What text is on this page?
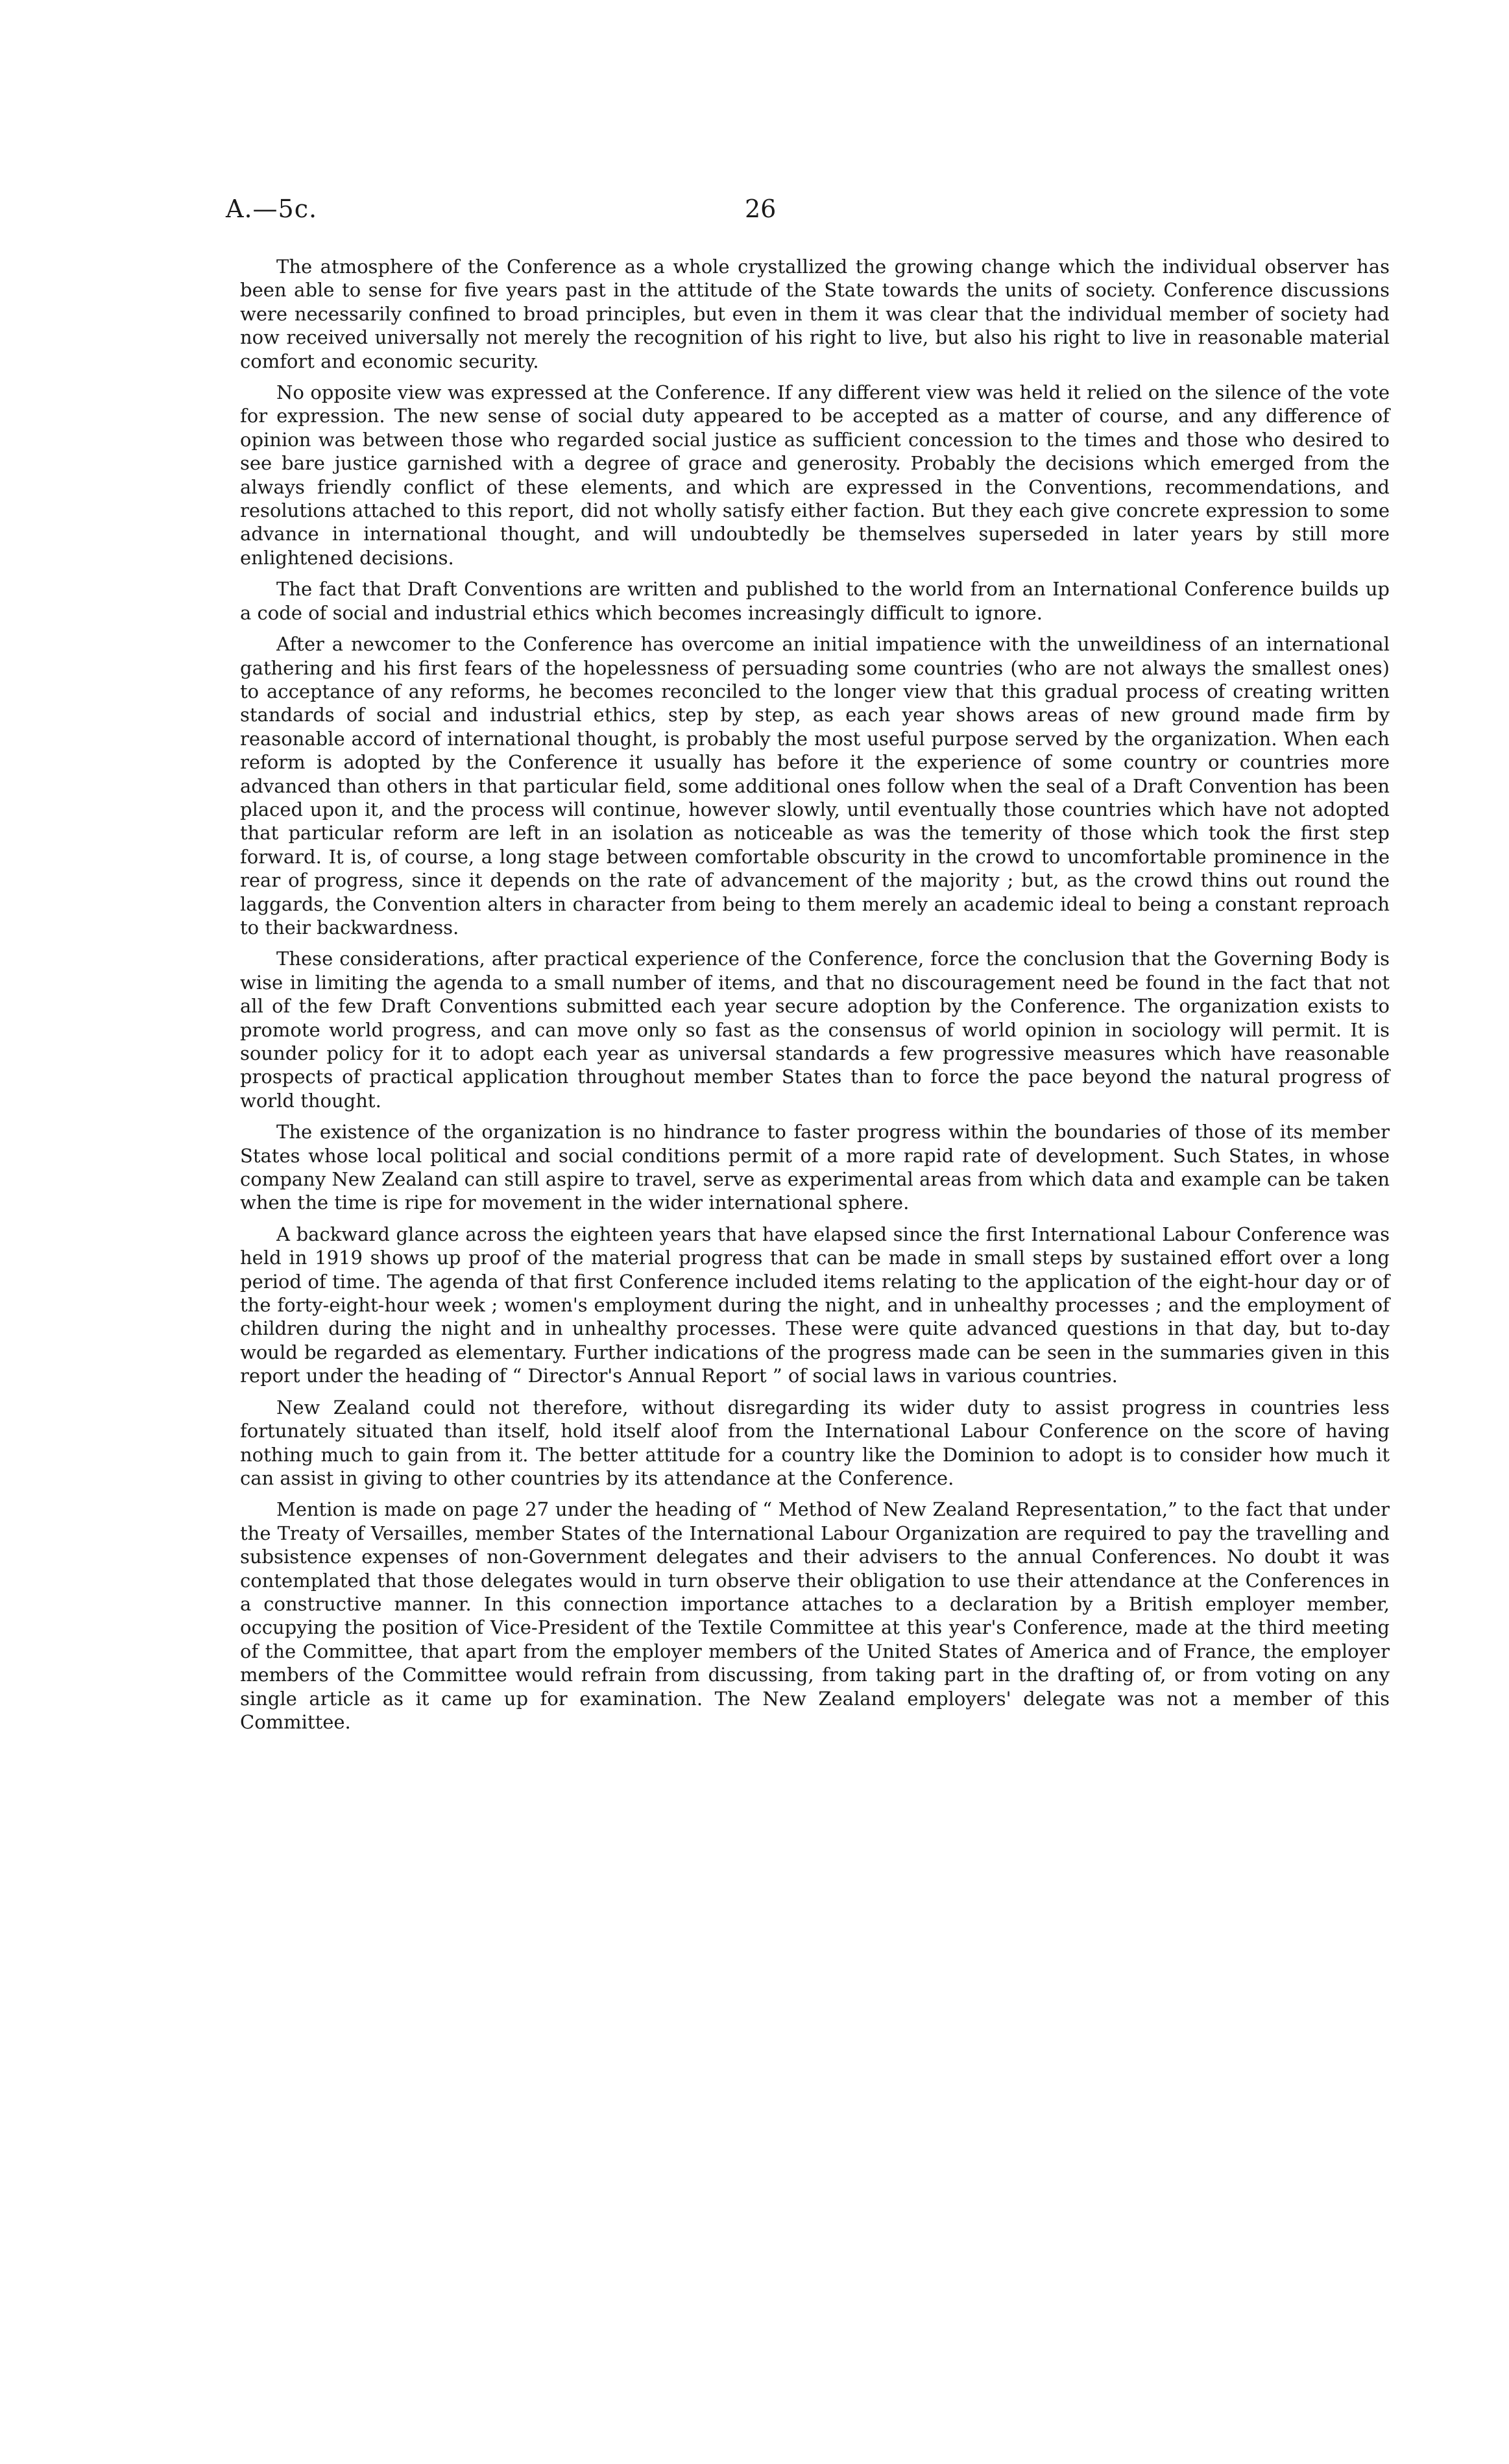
A.—5c.	26

The atmosphere of the Conference as a whole crystallized the growing change which the individual observer has been able to sense for five years past in the attitude of the State towards the units of society. Conference discussions were necessarily confined to broad principles, but even in them it was clear that the individual member of society had now received universally not merely the recognition of his right to live, but also his right to live in reasonable material comfort and economic security.

No opposite view was expressed at the Conference. If any different view was held it relied on the silence of the vote for expression. The new sense of social duty appeared to be accepted as a matter of course, and any difference of opinion was between those who regarded social justice as sufficient concession to the times and those who desired to see bare justice garnished with a degree of grace and generosity. Probably the decisions which emerged from the always friendly conflict of these elements, and which are expressed in the Conventions, recommendations, and resolutions attached to this report, did not wholly satisfy either faction. But they each give concrete expression to some advance in international thought, and will undoubtedly be themselves superseded in later years by still more enlightened decisions.

The fact that Draft Conventions are written and published to the world from an International Conference builds up a code of social and industrial ethics which becomes increasingly difficult to ignore.

After a newcomer to the Conference has overcome an initial impatience with the unweildiness of an international gathering and his first fears of the hopelessness of persuading some countries (who are not always the smallest ones) to acceptance of any reforms, he becomes reconciled to the longer view that this gradual process of creating written standards of social and industrial ethics, step by step, as each year shows areas of new ground made firm by reasonable accord of international thought, is probably the most useful purpose served by the organization. When each reform is adopted by the Conference it usually has before it the experience of some country or countries more advanced than others in that particular field, some additional ones follow when the seal of a Draft Convention has been placed upon it, and the process will continue, however slowly, until eventually those countries which have not adopted that particular reform are left in an isolation as noticeable as was the temerity of those which took the first step forward. It is, of course, a long stage between comfortable obscurity in the crowd to uncomfortable prominence in the rear of progress, since it depends on the rate of advancement of the majority ; but, as the crowd thins out round the laggards, the Convention alters in character from being to them merely an academic ideal to being a constant reproach to their backwardness.

These considerations, after practical experience of the Conference, force the conclusion that the Governing Body is wise in limiting the agenda to a small number of items, and that no discouragement need be found in the fact that not all of the few Draft Conventions submitted each year secure adoption by the Conference. The organization exists to promote world progress, and can move only so fast as the consensus of world opinion in sociology will permit. It is sounder policy for it to adopt each year as universal standards a few progressive measures which have reasonable prospects of practical application throughout member States than to force the pace beyond the natural progress of world thought.

The existence of the organization is no hindrance to faster progress within the boundaries of those of its member States whose local political and social conditions permit of a more rapid rate of development. Such States, in whose company New Zealand can still aspire to travel, serve as experimental areas from which data and example can be taken when the time is ripe for movement in the wider international sphere.

A backward glance across the eighteen years that have elapsed since the first International Labour Conference was held in 1919 shows up proof of the material progress that can be made in small steps by sustained effort over a long period of time. The agenda of that first Conference included items relating to the application of the eight-hour day or of the forty-eight-hour week ; women's employment during the night, and in unhealthy processes ; and the employment of children during the night and in unhealthy processes. These were quite advanced questions in that day, but to-day would be regarded as elementary. Further indications of the progress made can be seen in the summaries given in this report under the heading of “ Director's Annual Report ” of social laws in various countries.

New Zealand could not therefore, without disregarding its wider duty to assist progress in countries less fortunately situated than itself, hold itself aloof from the International Labour Conference on the score of having nothing much to gain from it. The better attitude for a country like the Dominion to adopt is to consider how much it can assist in giving to other countries by its attendance at the Conference.

Mention is made on page 27 under the heading of “ Method of New Zealand Representation,” to the fact that under the Treaty of Versailles, member States of the International Labour Organization are required to pay the travelling and subsistence expenses of non-Government delegates and their advisers to the annual Conferences. No doubt it was contemplated that those delegates would in turn observe their obligation to use their attendance at the Conferences in a constructive manner. In this connection importance attaches to a declaration by a British employer member, occupying the position of Vice-President of the Textile Committee at this year's Conference, made at the third meeting of the Committee, that apart from the employer members of the United States of America and of France, the employer members of the Committee would refrain from discussing, from taking part in the drafting of, or from voting on any single article as it came up for examination. The New Zealand employers' delegate was not a member of this Committee.
